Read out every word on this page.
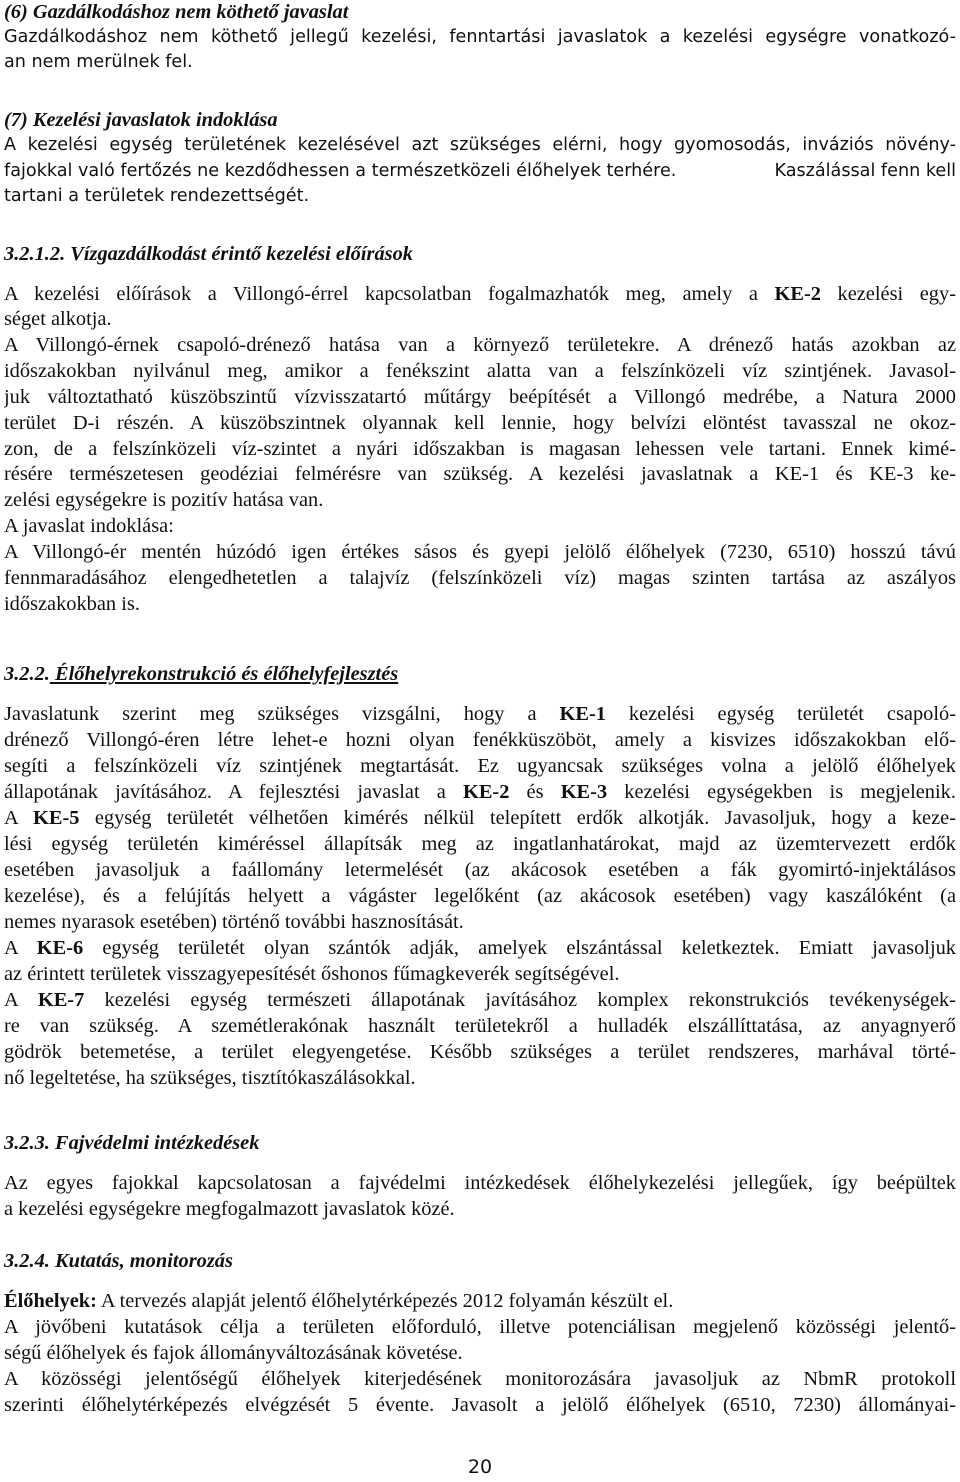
(6) Gazdálkodáshoz nem köthető javaslat
Gazdálkodáshoz nem köthető jellegű kezelési, fenntartási javaslatok a kezelési egységre vonatkozó-
an nem merülnek fel.
(7) Kezelési javaslatok indoklása
A kezelési egység területének kezelésével azt szükséges elérni, hogy gyomosodás, inváziós növény-
fajokkal való fertőzés ne kezdődhessen a természetközeli élőhelyek terhére.	Kaszálással fenn kell
tartani a területek rendezettségét.
3.2.1.2. Vízgazdálkodást érintő kezelési előírások
A kezelési előírások a Villongó-érrel kapcsolatban fogalmazhatók meg, amely a KE-2 kezelési egy-
séget alkotja.
A Villongó-érnek csapoló-drénező hatása van a környező területekre. A drénező hatás azokban az
időszakokban nyilvánul meg, amikor a fenékszint alatta van a felszínközeli víz szintjének. Javasol-
juk változtatható küszöbszintű vízvisszatartó műtárgy beépítését a Villongó medrébe, a Natura 2000
terület D-i részén. A küszöbszintnek olyannak kell lennie, hogy belvízi elöntést tavasszal ne okoz-
zon, de a felszínközeli víz-szintet a nyári időszakban is magasan lehessen vele tartani. Ennek kimé-
résére természetesen geodéziai felmérésre van szükség. A kezelési javaslatnak a KE-1 és KE-3 ke-
zelési egységekre is pozitív hatása van.
A javaslat indoklása:
A Villongó-ér mentén húzódó igen értékes sásos és gyepi jelölő élőhelyek (7230, 6510) hosszú távú
fennmaradásához elengedhetetlen a talajvíz (felszínközeli víz) magas szinten tartása az aszályos
időszakokban is.
3.2.2. Élőhelyrekonstrukció és élőhelyfejlesztés
Javaslatunk szerint meg szükséges vizsgálni, hogy a KE-1 kezelési egység területét csapoló-
drénező Villongó-éren létre lehet-e hozni olyan fenékküszöböt, amely a kisvizes időszakokban elő-
segíti a felszínközeli víz szintjének megtartását. Ez ugyancsak szükséges volna a jelölő élőhelyek
állapotának javításához. A fejlesztési javaslat a KE-2 és KE-3 kezelési egységekben is megjelenik.
A KE-5 egység területét vélhetően kimérés nélkül telepített erdők alkotják. Javasoljuk, hogy a keze-
lési egység területén kiméréssel állapítsák meg az ingatlanhatárokat, majd az üzemtervezett erdők
esetében javasoljuk a faállomány letermelését (az akácosok esetében a fák gyomirtó-injektálásos
kezelése), és a felújítás helyett a vágáster legelőként (az akácosok esetében) vagy kaszálóként (a
nemes nyarasok esetében) történő további hasznosítását.
A KE-6 egység területét olyan szántók adják, amelyek elszántással keletkeztek. Emiatt javasoljuk
az érintett területek visszagyepesítését őshonos fűmagkeverék segítségével.
A KE-7 kezelési egység természeti állapotának javításához komplex rekonstrukciós tevékenységek-
re van szükség. A szemétlerakónak használt területekről a hulladék elszállíttatása, az anyagnyerő
gödrök betemetése, a terület elegyengetése. Később szükséges a terület rendszeres, marhával törté-
nő legeltetése, ha szükséges, tisztítókaszálásokkal.
3.2.3. Fajvédelmi intézkedések
Az egyes fajokkal kapcsolatosan a fajvédelmi intézkedések élőhelykezelési jellegűek, így beépültek
a kezelési egységekre megfogalmazott javaslatok közé.
3.2.4. Kutatás, monitorozás
Élőhelyek: A tervezés alapját jelentő élőhelytérképezés 2012 folyamán készült el.
A jövőbeni kutatások célja a területen előforduló, illetve potenciálisan megjelenő közösségi jelentő-
ségű élőhelyek és fajok állományváltozásának követése.
A közösségi jelentőségű élőhelyek kiterjedésének monitorozására javasoljuk az NbmR protokoll
szerinti élőhelytérképezés elvégzését 5 évente. Javasolt a jelölő élőhelyek (6510, 7230) állományai-
20
